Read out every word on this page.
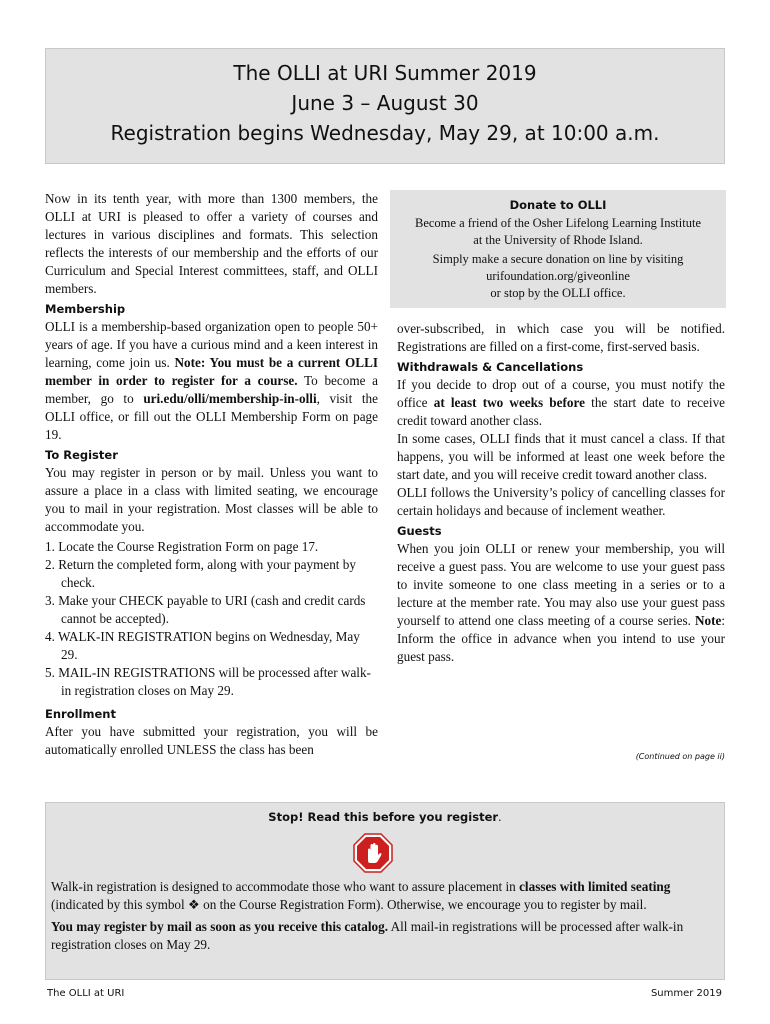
The OLLI at URI Summer 2019
June 3 – August 30
Registration begins Wednesday, May 29, at 10:00 a.m.

Now in its tenth year, with more than 1300 members, the OLLI at URI is pleased to offer a variety of courses and lectures in various disciplines and formats. This selection reflects the interests of our membership and the efforts of our Curriculum and Special Interest committees, staff, and OLLI members.

Membership

OLLI is a membership-based organization open to people 50+ years of age. If you have a curious mind and a keen interest in learning, come join us. Note: You must be a current OLLI member in order to register for a course. To become a member, go to uri.edu/olli/membership-in-olli, visit the OLLI office, or fill out the OLLI Membership Form on page 19.

To Register

You may register in person or by mail. Unless you want to assure a place in a class with limited seating, we encourage you to mail in your registration. Most classes will be able to accommodate you.

1. Locate the Course Registration Form on page 17.
2. Return the completed form, along with your payment by check.
3. Make your CHECK payable to URI (cash and credit cards cannot be accepted).
4. WALK-IN REGISTRATION begins on Wednesday, May 29.
5. MAIL-IN REGISTRATIONS will be processed after walk-in registration closes on May 29.
Enrollment

After you have submitted your registration, you will be automatically enrolled UNLESS the class has been

Donate to OLLI
Become a friend of the Osher Lifelong Learning Institute
at the University of Rhode Island.
Simply make a secure donation on line by visiting
urifoundation.org/giveonline
or stop by the OLLI office.

over-subscribed, in which case you will be notified. Registrations are filled on a first-come, first-served basis.

Withdrawals & Cancellations

If you decide to drop out of a course, you must notify the office at least two weeks before the start date to receive credit toward another class.

In some cases, OLLI finds that it must cancel a class. If that happens, you will be informed at least one week before the start date, and you will receive credit toward another class.

OLLI follows the University’s policy of cancelling classes for certain holidays and because of inclement weather.

Guests

When you join OLLI or renew your membership, you will receive a guest pass. You are welcome to use your guest pass to invite someone to one class meeting in a series or to a lecture at the member rate. You may also use your guest pass yourself to attend one class meeting of a course series. Note: Inform the office in advance when you intend to use your guest pass.

(Continued on page ii)
Stop! Read this before you register.

Walk-in registration is designed to accommodate those who want to assure placement in classes with limited seating (indicated by this symbol ❖ on the Course Registration Form). Otherwise, we encourage you to register by mail.

You may register by mail as soon as you receive this catalog. All mail-in registrations will be processed after walk-in registration closes on May 29.

The OLLI at URI	Summer 2019
